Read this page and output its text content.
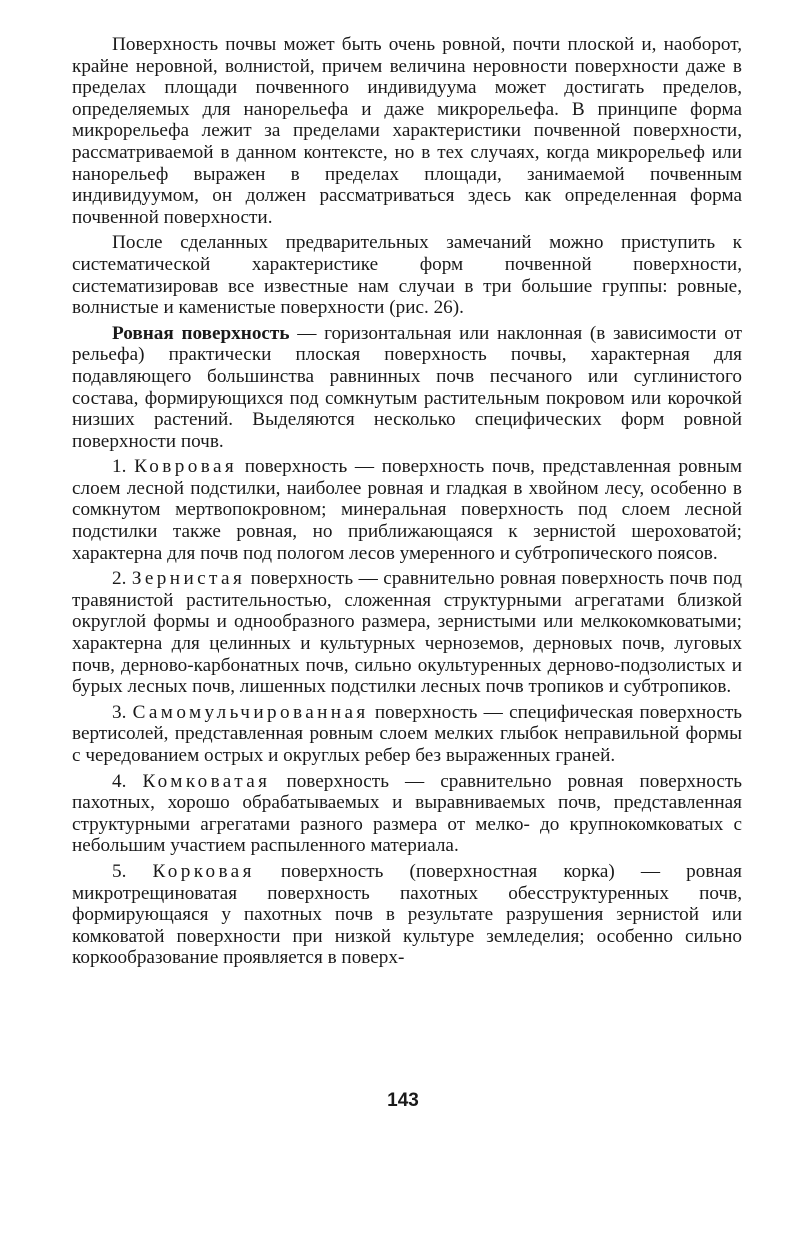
Поверхность почвы может быть очень ровной, почти плоской и, наоборот, крайне неровной, волнистой, причем величина неровности поверхности даже в пределах площади почвенного индивидуума может достигать пределов, определяемых для нанорельефа и даже микрорельефа. В принципе форма микрорельефа лежит за пределами характеристики почвенной поверхности, рассматриваемой в данном контексте, но в тех случаях, когда микрорельеф или нанорельеф выражен в пределах площади, занимаемой почвенным индивидуумом, он должен рассматриваться здесь как определенная форма почвенной поверхности.

После сделанных предварительных замечаний можно приступить к систематической характеристике форм почвенной поверхности, систематизировав все известные нам случаи в три большие группы: ровные, волнистые и каменистые поверхности (рис. 26).

Ровная поверхность — горизонтальная или наклонная (в зависимости от рельефа) практически плоская поверхность почвы, характерная для подавляющего большинства равнинных почв песчаного или суглинистого состава, формирующихся под сомкнутым растительным покровом или корочкой низших растений. Выделяются несколько специфических форм ровной поверхности почв.

1. Ковровая поверхность — поверхность почв, представленная ровным слоем лесной подстилки, наиболее ровная и гладкая в хвойном лесу, особенно в сомкнутом мертвопокровном; минеральная поверхность под слоем лесной подстилки также ровная, но приближающаяся к зернистой шероховатой; характерна для почв под пологом лесов умеренного и субтропического поясов.

2. Зернистая поверхность — сравнительно ровная поверхность почв под травянистой растительностью, сложенная структурными агрегатами близкой округлой формы и однообразного размера, зернистыми или мелкокомковатыми; характерна для целинных и культурных черноземов, дерновых почв, луговых почв, дерново-карбонатных почв, сильно окультуренных дерново-подзолистых и бурых лесных почв, лишенных подстилки лесных почв тропиков и субтропиков.

3. Самомульчированная поверхность — специфическая поверхность вертисолей, представленная ровным слоем мелких глыбок неправильной формы с чередованием острых и округлых ребер без выраженных граней.

4. Комковатая поверхность — сравнительно ровная поверхность пахотных, хорошо обрабатываемых и выравниваемых почв, представленная структурными агрегатами разного размера от мелко- до крупнокомковатых с небольшим участием распыленного материала.

5. Корковая поверхность (поверхностная корка) — ровная микротрещиноватая поверхность пахотных обесструктуренных почв, формирующаяся у пахотных почв в результате разрушения зернистой или комковатой поверхности при низкой культуре земледелия; особенно сильно коркообразование проявляется в поверх-

143
